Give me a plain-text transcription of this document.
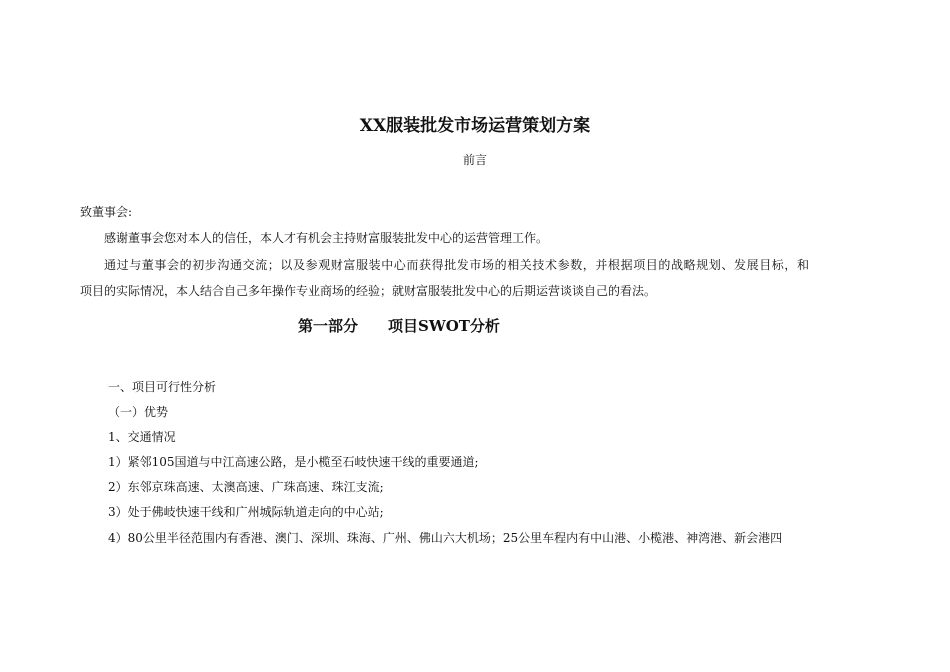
XX服装批发市场运营策划方案
前言
致董事会:
感谢董事会您对本人的信任，本人才有机会主持财富服装批发中心的运营管理工作。
通过与董事会的初步沟通交流；以及参观财富服装中心而获得批发市场的相关技术参数，并根据项目的战略规划、发展目标，和
项目的实际情况，本人结合自己多年操作专业商场的经验；就财富服装批发中心的后期运营谈谈自己的看法。
第一部分 项目SWOT分析
一、项目可行性分析
（一）优势
1、交通情况
1）紧邻105国道与中江高速公路，是小榄至石岐快速干线的重要通道;
2）东邻京珠高速、太澳高速、广珠高速、珠江支流;
3）处于佛岐快速干线和广州城际轨道走向的中心站;
4）80公里半径范围内有香港、澳门、深圳、珠海、广州、佛山六大机场；25公里车程内有中山港、小榄港、神湾港、新会港四
